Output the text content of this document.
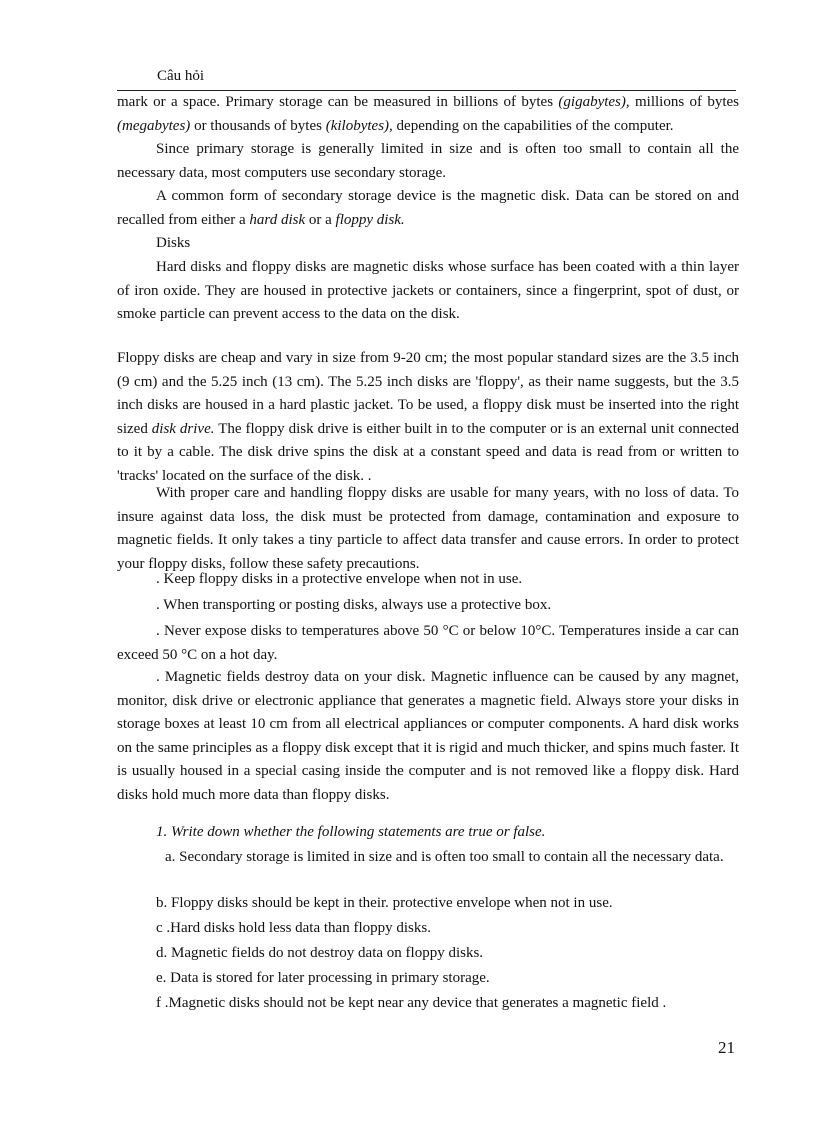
Câu hỏi

mark or a space. Primary storage can be measured in billions of bytes (gigabytes), millions of bytes (megabytes) or thousands of bytes (kilobytes), depending on the capabilities of the computer.

Since primary storage is generally limited in size and is often too small to contain all the necessary data, most computers use secondary storage.

A common form of secondary storage device is the magnetic disk. Data can be stored on and recalled from either a hard disk or a floppy disk.

Disks

Hard disks and floppy disks are magnetic disks whose surface has been coated with a thin layer of iron oxide. They are housed in protective jackets or containers, since a fingerprint, spot of dust, or smoke particle can prevent access to the data on the disk.

Floppy disks are cheap and vary in size from 9-20 cm; the most popular standard sizes are the 3.5 inch (9 cm) and the 5.25 inch (13 cm). The 5.25 inch disks are 'floppy', as their name suggests, but the 3.5 inch disks are housed in a hard plastic jacket. To be used, a floppy disk must be inserted into the right sized disk drive. The floppy disk drive is either built in to the computer or is an external unit connected to it by a cable. The disk drive spins the disk at a constant speed and data is read from or written to 'tracks' located on the surface of the disk. .

With proper care and handling floppy disks are usable for many years, with no loss of data. To insure against data loss, the disk must be protected from damage, contamination and exposure to magnetic fields. It only takes a tiny particle to affect data transfer and cause errors. In order to protect your floppy disks, follow these safety precautions.

. Keep floppy disks in a protective envelope when not in use.

. When transporting or posting disks, always use a protective box.

. Never expose disks to temperatures above 50 °C or below 10°C. Temperatures inside a car can exceed 50 °C on a hot day.

. Magnetic fields destroy data on your disk. Magnetic influence can be caused by any magnet, monitor, disk drive or electronic appliance that generates a magnetic field. Always store your disks in storage boxes at least 10 cm from all electrical appliances or computer components. A hard disk works on the same principles as a floppy disk except that it is rigid and much thicker, and spins much faster. It is usually housed in a special casing inside the computer and is not removed like a floppy disk. Hard disks hold much more data than floppy disks.

1. Write down whether the following statements are true or false.

a. Secondary storage is limited in size and is often too small to contain all the necessary data.

b. Floppy disks should be kept in their. protective envelope when not in use.

c .Hard disks hold less data than floppy disks.

d. Magnetic fields do not destroy data on floppy disks.

e. Data is stored for later processing in primary storage.

f .Magnetic disks should not be kept near any device that generates a magnetic field .

21
